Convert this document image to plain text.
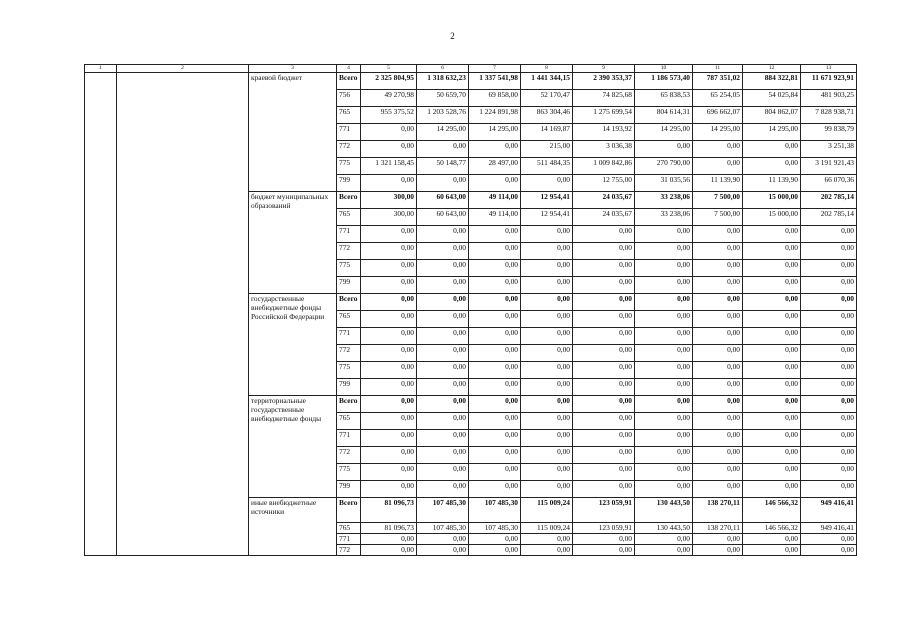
2
1	2	3	4	5	6	7	8	9	10	11	12	13
		краевой бюджет	Всего	2 325 804,95	1 318 632,23	1 337 541,98	1 441 344,15	2 390 353,37	1 186 573,40	787 351,02	884 322,81	11 671 923,91
			756	49 270,98	50 659,70	69 858,00	52 170,47	74 825,68	65 838,53	65 254,05	54 025,84	481 903,25
			765	955 375,52	1 203 528,76	1 224 891,98	863 304,46	1 275 699,54	804 614,31	696 662,07	804 862,07	7 828 938,71
			771	0,00	14 295,00	14 295,00	14 169,87	14 193,92	14 295,00	14 295,00	14 295,00	99 838,79
			772	0,00	0,00	0,00	215,00	3 036,38	0,00	0,00	0,00	3 251,38
			775	1 321 158,45	50 148,77	28 497,00	511 484,35	1 009 842,86	270 790,00	0,00	0,00	3 191 921,43
			799	0,00	0,00	0,00	0,00	12 755,00	31 035,56	11 139,90	11 139,90	66 070,36
		бюджет муниципальных образований	Всего	300,00	60 643,00	49 114,00	12 954,41	24 035,67	33 238,06	7 500,00	15 000,00	202 785,14
			765	300,00	60 643,00	49 114,00	12 954,41	24 035,67	33 238,06	7 500,00	15 000,00	202 785,14
			771	0,00	0,00	0,00	0,00	0,00	0,00	0,00	0,00	0,00
			772	0,00	0,00	0,00	0,00	0,00	0,00	0,00	0,00	0,00
			775	0,00	0,00	0,00	0,00	0,00	0,00	0,00	0,00	0,00
			799	0,00	0,00	0,00	0,00	0,00	0,00	0,00	0,00	0,00
		государственные внебюджетные фонды Российской Федерации	Всего	0,00	0,00	0,00	0,00	0,00	0,00	0,00	0,00	0,00
			765	0,00	0,00	0,00	0,00	0,00	0,00	0,00	0,00	0,00
			771	0,00	0,00	0,00	0,00	0,00	0,00	0,00	0,00	0,00
			772	0,00	0,00	0,00	0,00	0,00	0,00	0,00	0,00	0,00
			775	0,00	0,00	0,00	0,00	0,00	0,00	0,00	0,00	0,00
			799	0,00	0,00	0,00	0,00	0,00	0,00	0,00	0,00	0,00
		территориальные государственные внебюджетные фонды	Всего	0,00	0,00	0,00	0,00	0,00	0,00	0,00	0,00	0,00
			765	0,00	0,00	0,00	0,00	0,00	0,00	0,00	0,00	0,00
			771	0,00	0,00	0,00	0,00	0,00	0,00	0,00	0,00	0,00
			772	0,00	0,00	0,00	0,00	0,00	0,00	0,00	0,00	0,00
			775	0,00	0,00	0,00	0,00	0,00	0,00	0,00	0,00	0,00
			799	0,00	0,00	0,00	0,00	0,00	0,00	0,00	0,00	0,00
		иные внебюджетные источники	Всего	81 096,73	107 485,30	107 485,30	115 009,24	123 059,91	130 443,50	138 270,11	146 566,32	949 416,41
			765	81 096,73	107 485,30	107 485,30	115 009,24	123 059,91	130 443,50	138 270,11	146 566,32	949 416,41
			771	0,00	0,00	0,00	0,00	0,00	0,00	0,00	0,00	0,00
			772	0,00	0,00	0,00	0,00	0,00	0,00	0,00	0,00	0,00
